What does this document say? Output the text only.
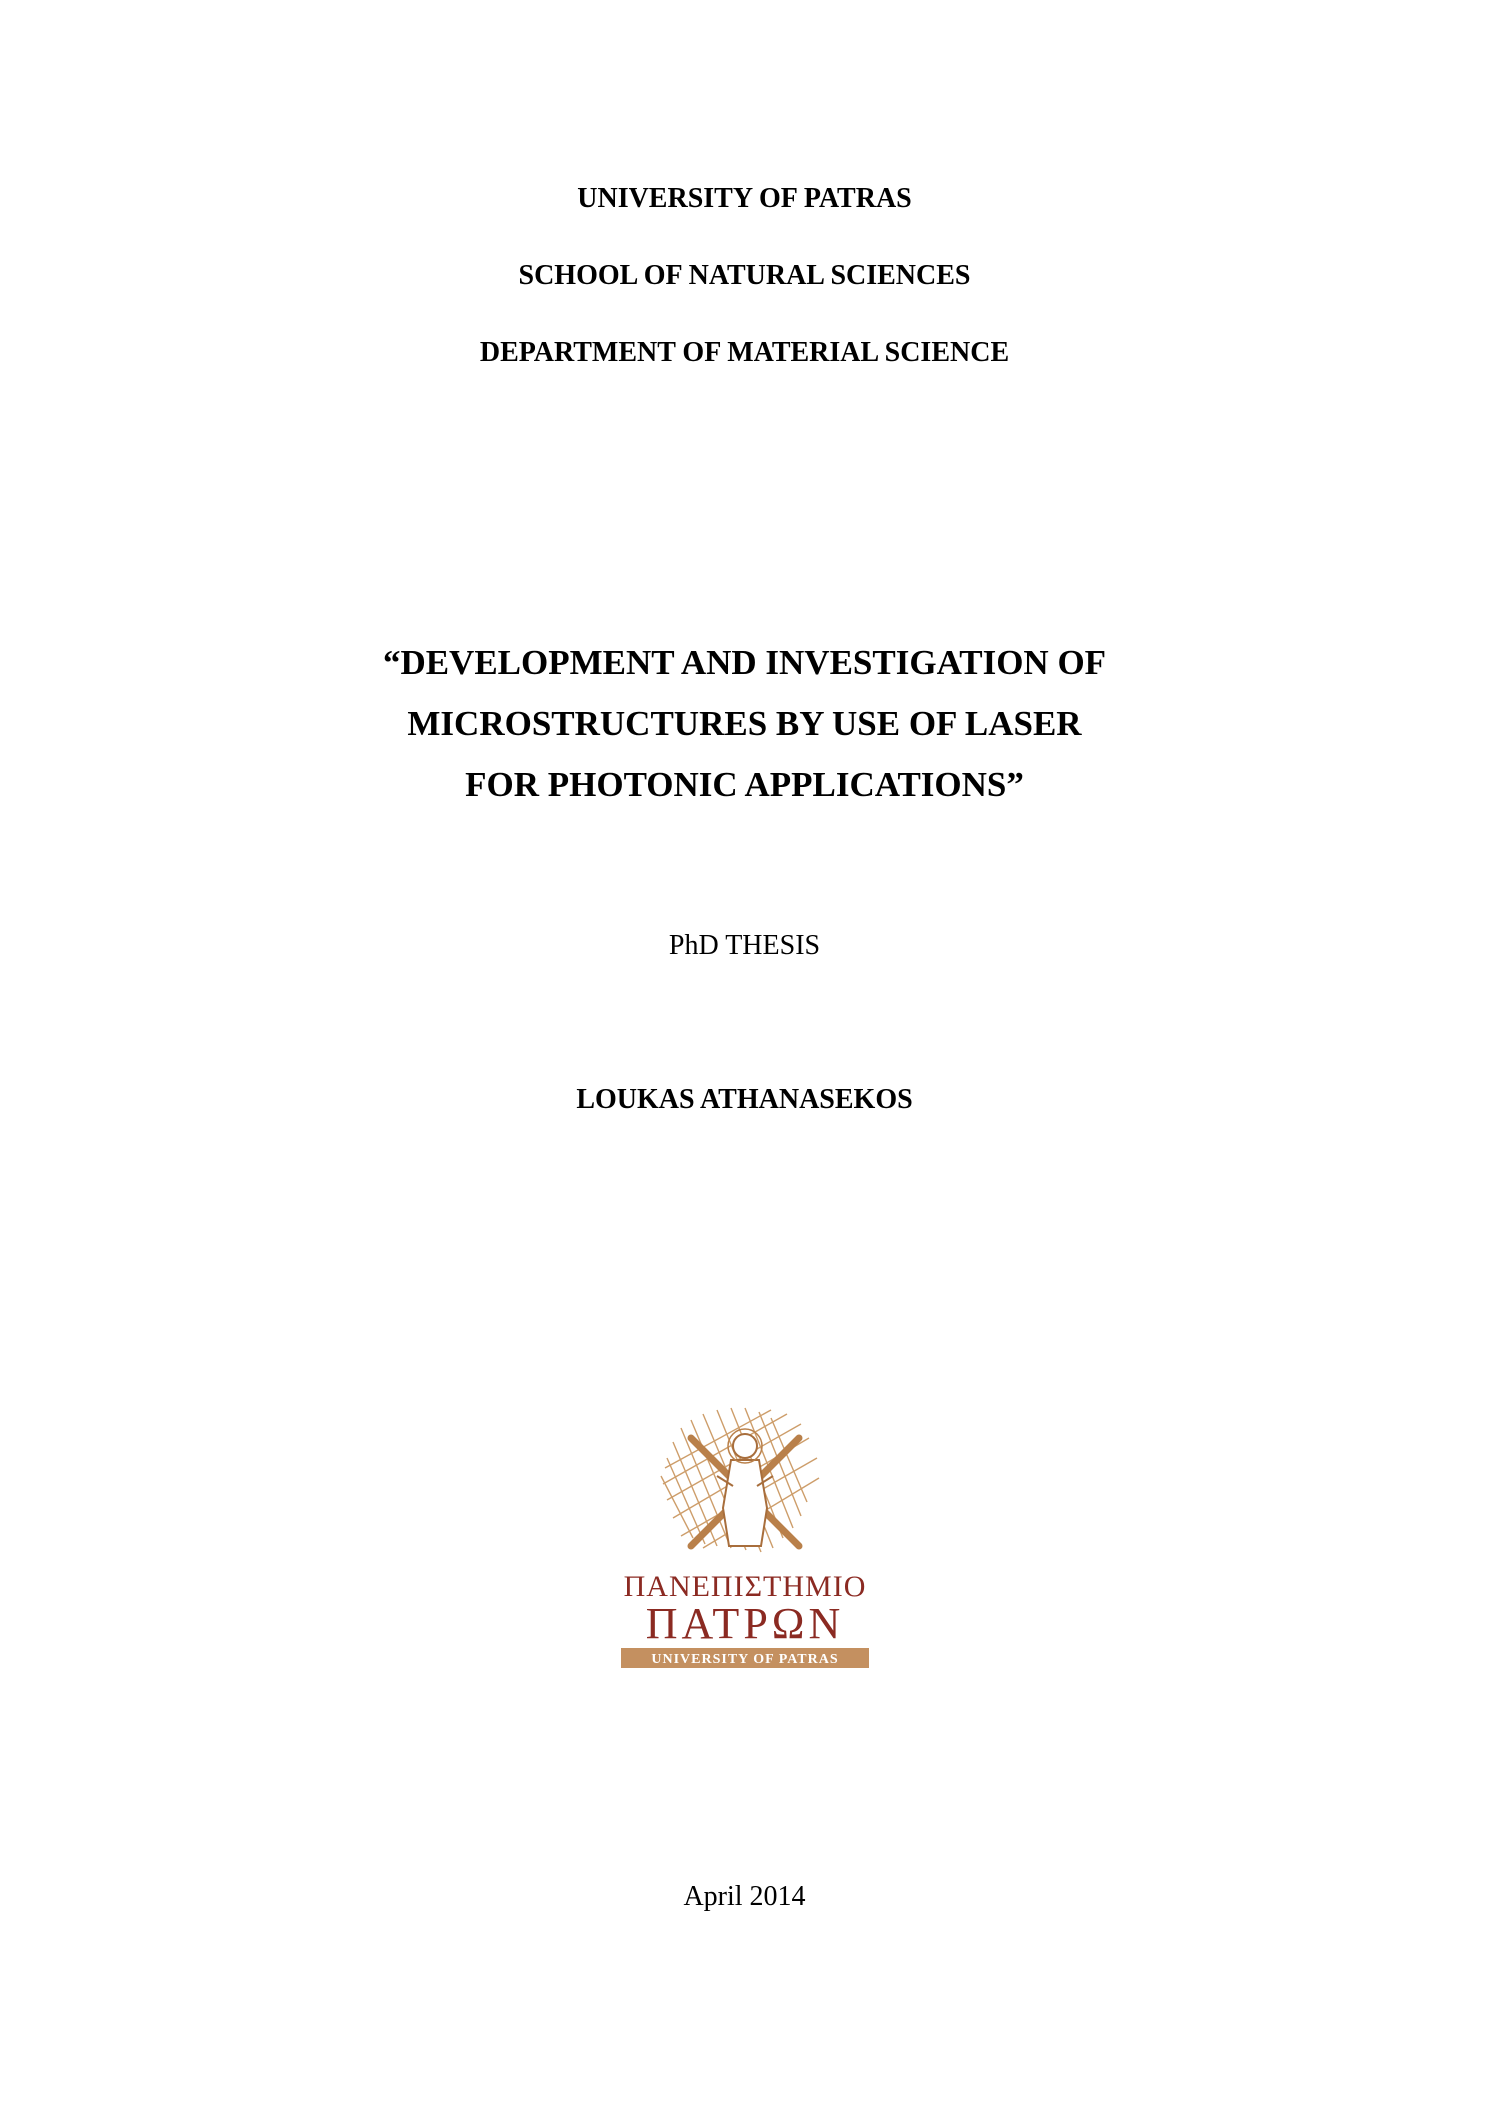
UNIVERSITY OF PATRAS
SCHOOL OF NATURAL SCIENCES
DEPARTMENT OF MATERIAL SCIENCE
“DEVELOPMENT AND INVESTIGATION OF
MICROSTRUCTURES BY USE OF LASER
FOR PHOTONIC APPLICATIONS”
PhD THESIS
LOUKAS ATHANASEKOS
ΠΑΝΕΠΙΣΤΗΜΙΟ
ΠΑΤΡΩΝ
UNIVERSITY OF PATRAS
April 2014
